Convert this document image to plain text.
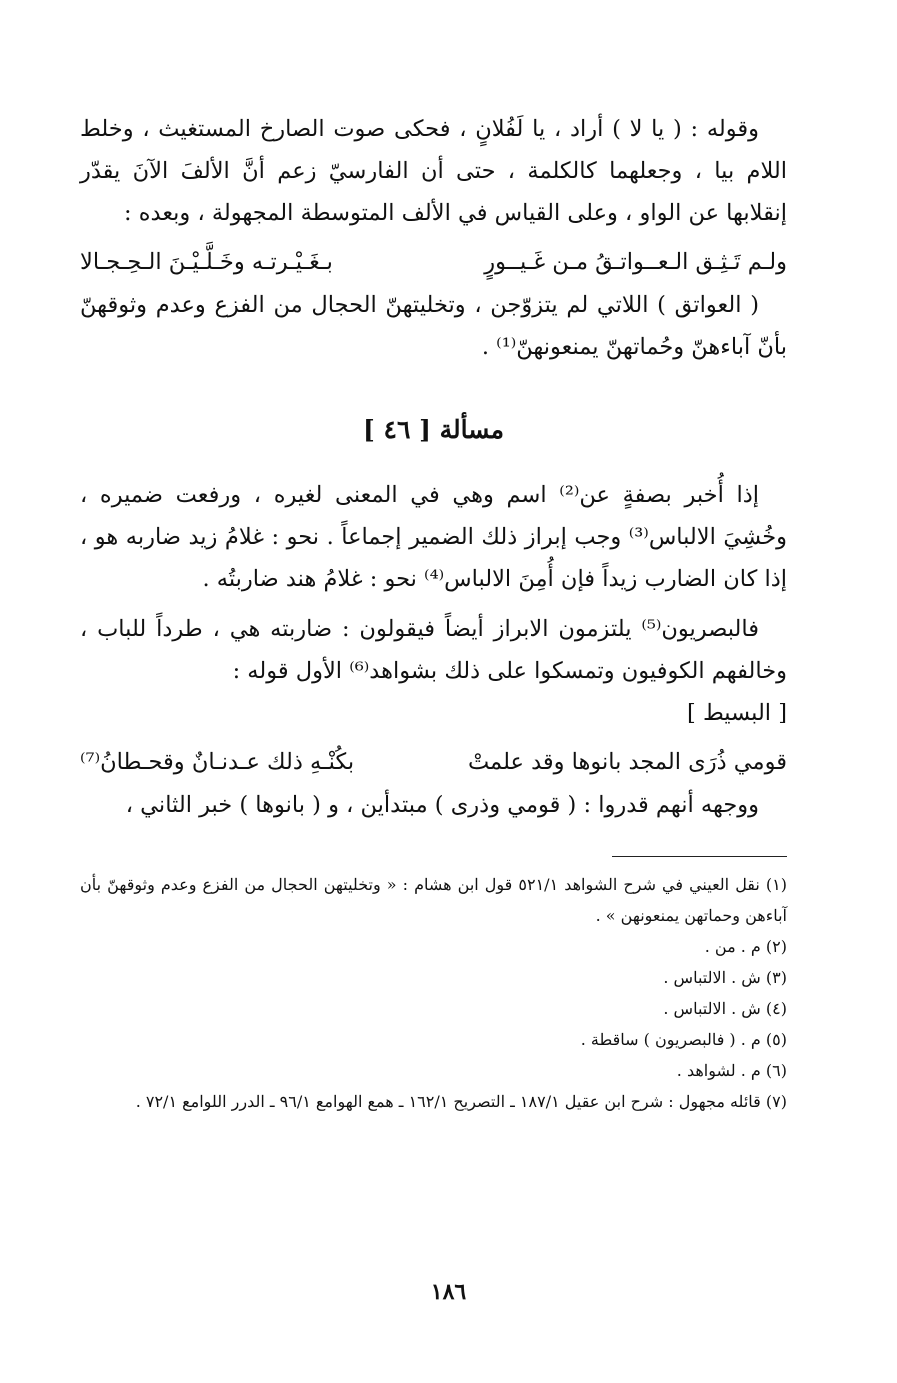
وقوله : ( يا لا ) أراد ، يا لَفُلانٍ ، فحكى صوت الصارخ المستغيث ، وخلط اللام بيا ، وجعلهما كالكلمة ، حتى أن الفارسيّ زعم أنَّ الألفَ الآنَ يقدّر إنقلابها عن الواو ، وعلى القياس في الألف المتوسطة المجهولة ، وبعده :

ولـم تَـثِـق الـعــواتـقُ مـن غَـيــورٍ
بـغَـيْـرتـه وخَـلَّـيْـنَ الـحِـجـالا

( العواتق ) اللاتي لم يتزوّجن ، وتخليتهنّ الحجال من الفزع وعدم وثوقهنّ بأنّ آباءهنّ وحُماتهنّ يمنعونهنّ⁽¹⁾ .

مسألة [ ٤٦ ]

إذا أُخبر بصفةٍ عن⁽²⁾ اسم وهي في المعنى لغيره ، ورفعت ضميره ، وخُشِيَ الالباس⁽³⁾ وجب إبراز ذلك الضمير إجماعاً . نحو : غلامُ زيد ضاربه هو ، إذا كان الضارب زيداً فإن أُمِنَ الالباس⁽⁴⁾ نحو : غلامُ هند ضاربتُه .

فالبصريون⁽⁵⁾ يلتزمون الابراز أيضاً فيقولون : ضاربته هي ، طرداً للباب ، وخالفهم الكوفيون وتمسكوا على ذلك بشواهد⁽⁶⁾ الأول قوله :

[ البسيط ]
قومي ذُرَى المجد بانوها وقد علمتْ
بكُنْـهِ ذلك عـدنـانٌ وقحـطانُ⁽⁷⁾

ووجهه أنهم قدروا : ( قومي وذرى ) مبتدأين ، و ( بانوها ) خبر الثاني ،

(١) نقل العيني في شرح الشواهد ٥٢١/١ قول ابن هشام : « وتخليتهن الحجال من الفزع وعدم وثوقهنّ بأن آباءهن وحماتهن يمنعونهن » .

(٢) م . من .

(٣) ش . الالتباس .

(٤) ش . الالتباس .

(٥) م . ( فالبصريون ) ساقطة .

(٦) م . لشواهد .

(٧) قائله مجهول : شرح ابن عقيل ١٨٧/١ ـ التصريح ١٦٢/١ ـ همع الهوامع ٩٦/١ ـ الدرر اللوامع ٧٢/١ .

١٨٦
